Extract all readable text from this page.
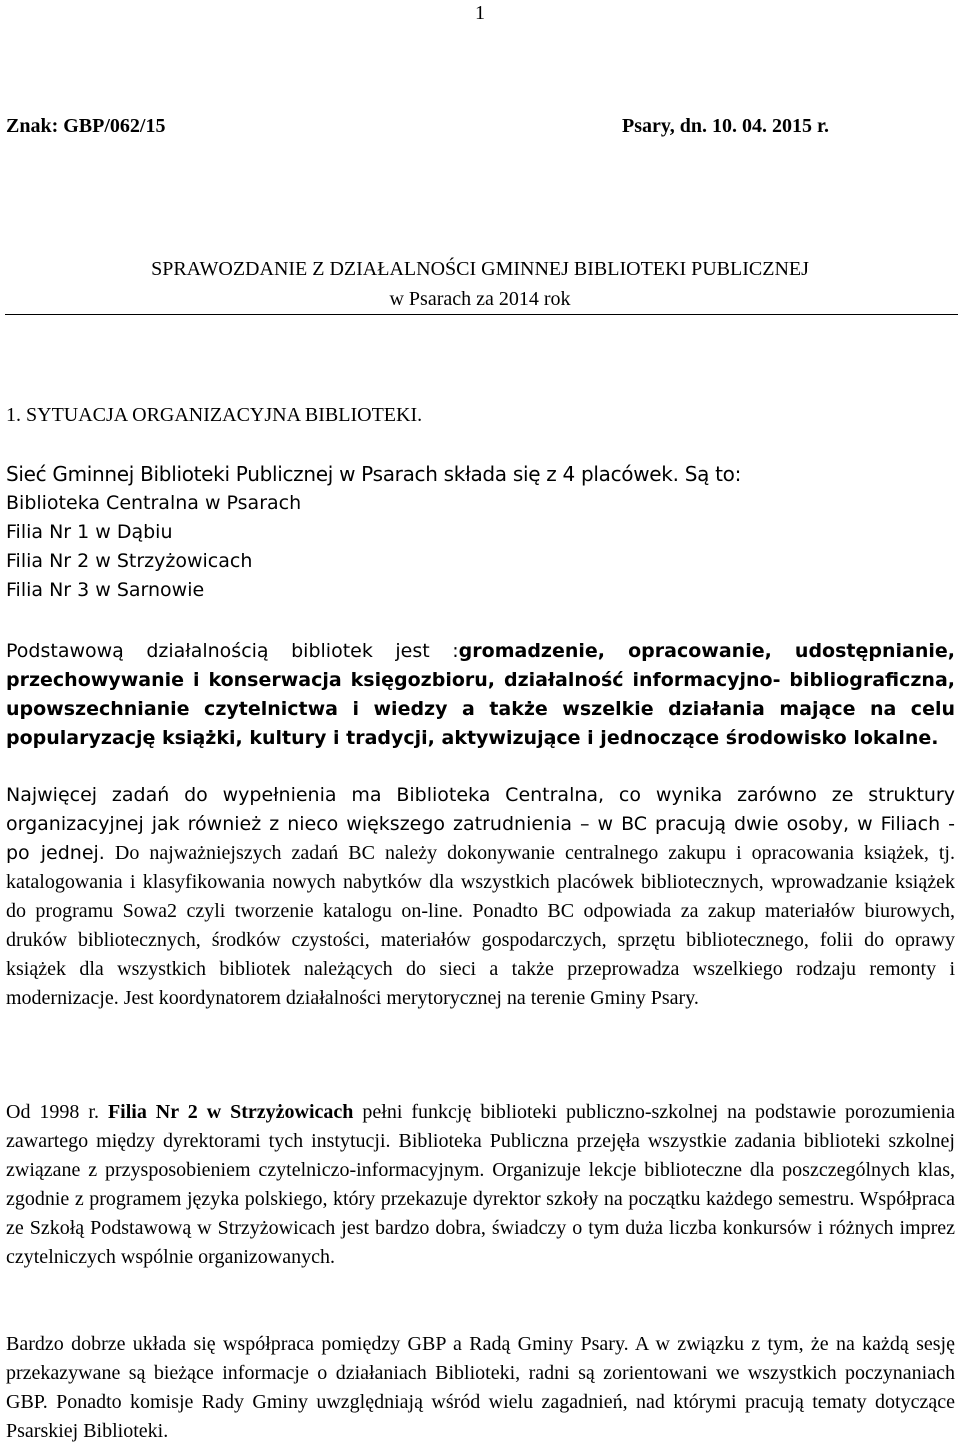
1
Znak: GBP/062/15	Psary, dn. 10. 04. 2015 r.
SPRAWOZDANIE Z DZIAŁALNOŚCI GMINNEJ BIBLIOTEKI PUBLICZNEJ
w Psarach za 2014 rok
1. SYTUACJA ORGANIZACYJNA BIBLIOTEKI.
Sieć Gminnej Biblioteki Publicznej w Psarach składa się z 4 placówek. Są to:
Biblioteka Centralna w Psarach
Filia Nr 1 w Dąbiu
Filia Nr 2 w Strzyżowicach
Filia Nr 3 w Sarnowie

Podstawową działalnością bibliotek jest :gromadzenie, opracowanie, udostępnianie, przechowywanie i konserwacja księgozbioru, działalność informacyjno- bibliograficzna, upowszechnianie czytelnictwa i wiedzy a także wszelkie działania mające na celu popularyzację książki, kultury i tradycji, aktywizujące i jednoczące środowisko lokalne.

Najwięcej zadań do wypełnienia ma Biblioteka Centralna, co wynika zarówno ze struktury organizacyjnej jak również z nieco większego zatrudnienia – w BC pracują dwie osoby, w Filiach - po jednej. Do najważniejszych zadań BC należy dokonywanie centralnego zakupu i opracowania książek, tj. katalogowania i klasyfikowania nowych nabytków dla wszystkich placówek bibliotecznych, wprowadzanie książek do programu Sowa2 czyli tworzenie katalogu on-line. Ponadto BC odpowiada za zakup materiałów biurowych, druków bibliotecznych, środków czystości, materiałów gospodarczych, sprzętu bibliotecznego, folii do oprawy książek dla wszystkich bibliotek należących do sieci a także przeprowadza wszelkiego rodzaju remonty i modernizacje. Jest koordynatorem działalności merytorycznej na terenie Gminy Psary.

Od 1998 r. Filia Nr 2 w Strzyżowicach pełni funkcję biblioteki publiczno-szkolnej na podstawie porozumienia zawartego między dyrektorami tych instytucji. Biblioteka Publiczna przejęła wszystkie zadania biblioteki szkolnej związane z przysposobieniem czytelniczo-informacyjnym. Organizuje lekcje biblioteczne dla poszczególnych klas, zgodnie z programem języka polskiego, który przekazuje dyrektor szkoły na początku każdego semestru. Współpraca ze Szkołą Podstawową w Strzyżowicach jest bardzo dobra, świadczy o tym duża liczba konkursów i różnych imprez czytelniczych wspólnie organizowanych.

Bardzo dobrze układa się współpraca pomiędzy GBP a Radą Gminy Psary. A w związku z tym, że na każdą sesję przekazywane są bieżące informacje o działaniach Biblioteki, radni są zorientowani we wszystkich poczynaniach GBP. Ponadto komisje Rady Gminy uwzględniają wśród wielu zagadnień, nad którymi pracują tematy dotyczące Psarskiej Biblioteki.
